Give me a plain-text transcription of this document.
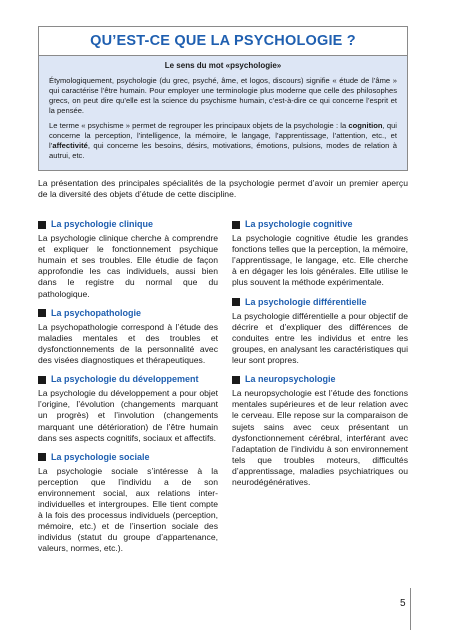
QU’EST-CE QUE LA PSYCHOLOGIE ?
Le sens du mot «psychologie»

Étymologiquement, psychologie (du grec, psyché, âme, et logos, discours) signifie « étude de l’âme » qui caractérise l’être humain. Pour employer une terminologie plus moderne que celle des philosophes grecs, on peut dire qu’elle est la science du psychisme humain, c’est-à-dire ce qui concerne l’esprit et la pensée.

Le terme « psychisme » permet de regrouper les principaux objets de la psychologie : la cognition, qui concerne la perception, l’intelligence, la mémoire, le langage, l’apprentissage, l’attention, etc., et l’affectivité, qui concerne les besoins, désirs, motivations, émotions, pulsions, modes de relation à autrui, etc.

La présentation des principales spécialités de la psychologie permet d’avoir un premier aperçu de la diversité des objets d’étude de cette discipline.
La psychologie clinique

La psychologie clinique cherche à comprendre et expliquer le fonctionnement psychique humain et ses troubles. Elle étudie de façon approfondie les cas individuels, aussi bien dans le registre du normal que du pathologique.

La psychopathologie

La psychopathologie correspond à l’étude des maladies mentales et des troubles et dysfonctionnements de la personnalité avec des visées diagnostiques et thérapeutiques.

La psychologie du développement

La psychologie du développement a pour objet l’origine, l’évolution (changements marquant un progrès) et l’involution (changements marquant une détérioration) de l’être humain dans ses aspects cognitifs, sociaux et affectifs.

La psychologie sociale

La psychologie sociale s’intéresse à la perception que l’individu a de son environnement social, aux relations inter-individuelles et intergroupes. Elle tient compte à la fois des processus individuels (perception, mémoire, etc.) et de l’insertion sociale des individus (statut du groupe d’appartenance, valeurs, normes, etc.).

La psychologie cognitive

La psychologie cognitive étudie les grandes fonctions telles que la perception, la mémoire, l’apprentissage, le langage, etc. Elle cherche à en dégager les lois générales. Elle utilise le plus souvent la méthode expérimentale.

La psychologie différentielle

La psychologie différentielle a pour objectif de décrire et d’expliquer des différences de conduites entre les individus et entre les groupes, en analysant les caractéristiques qui leur sont propres.

La neuropsychologie

La neuropsychologie est l’étude des fonctions mentales supérieures et de leur relation avec le cerveau. Elle repose sur la comparaison de sujets sains avec ceux présentant un dysfonctionnement cérébral, interférant avec l’adaptation de l’individu à son environnement tels que troubles moteurs, difficultés d’apprentissage, maladies psychiatriques ou neurodégénératives.

5
